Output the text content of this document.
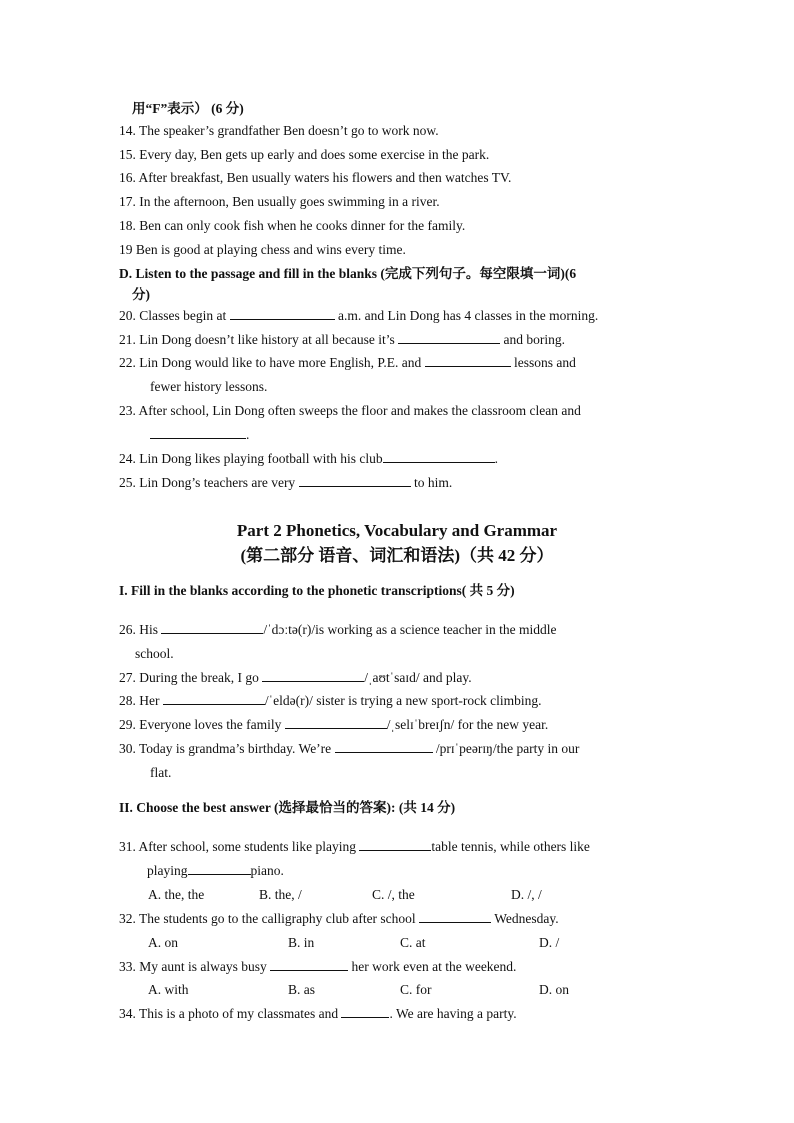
用“F”表示） (6 分)
14. The speaker’s grandfather Ben doesn’t go to work now.
15. Every day, Ben gets up early and does some exercise in the park.
16. After breakfast, Ben usually waters his flowers and then watches TV.
17. In the afternoon, Ben usually goes swimming in a river.
18. Ben can only cook fish when he cooks dinner for the family.
19 Ben is good at playing chess and wins every time.
D. Listen to the passage and fill in the blanks (完成下列句子。每空限填一词)(6
分)
20. Classes begin at	a.m. and Lin Dong has 4 classes in the morning.
21. Lin Dong doesn’t like history at all because it’s	and boring.
22. Lin Dong would like to have more English, P.E. and	lessons and
fewer history lessons.
23. After school, Lin Dong often sweeps the floor and makes the classroom clean and
.
24. Lin Dong likes playing football with his club	.
25. Lin Dong’s teachers are very	to him.
Part 2 Phonetics, Vocabulary and Grammar
(第二部分 语音、词汇和语法)（共 42 分）
I. Fill in the blanks according to the phonetic transcriptions( 共 5 分)
26. His	/ˈdɔːtə(r)/is working as a science teacher in the middle
school.
27. During the break, I go	/ˌaʊtˈsaɪd/ and play.
28. Her	/ˈeldə(r)/ sister is trying a new sport-rock climbing.
29. Everyone loves the family	/ˌselɪˈbreɪʃn/ for the new year.
30. Today is grandma’s birthday. We’re	/prɪˈpeərɪŋ/the party in our
flat.
II. Choose the best answer (选择最恰当的答案): (共 14 分)
31. After school, some students like playing	table tennis, while others like
playing	piano.
A. the, the	B. the, /	C. /, the	D. /, /
32. The students go to the calligraphy club after school	Wednesday.
A. on	B. in	C. at	D. /
33. My aunt is always busy	her work even at the weekend.
A. with	B. as	C. for	D. on
34. This is a photo of my classmates and	. We are having a party.
